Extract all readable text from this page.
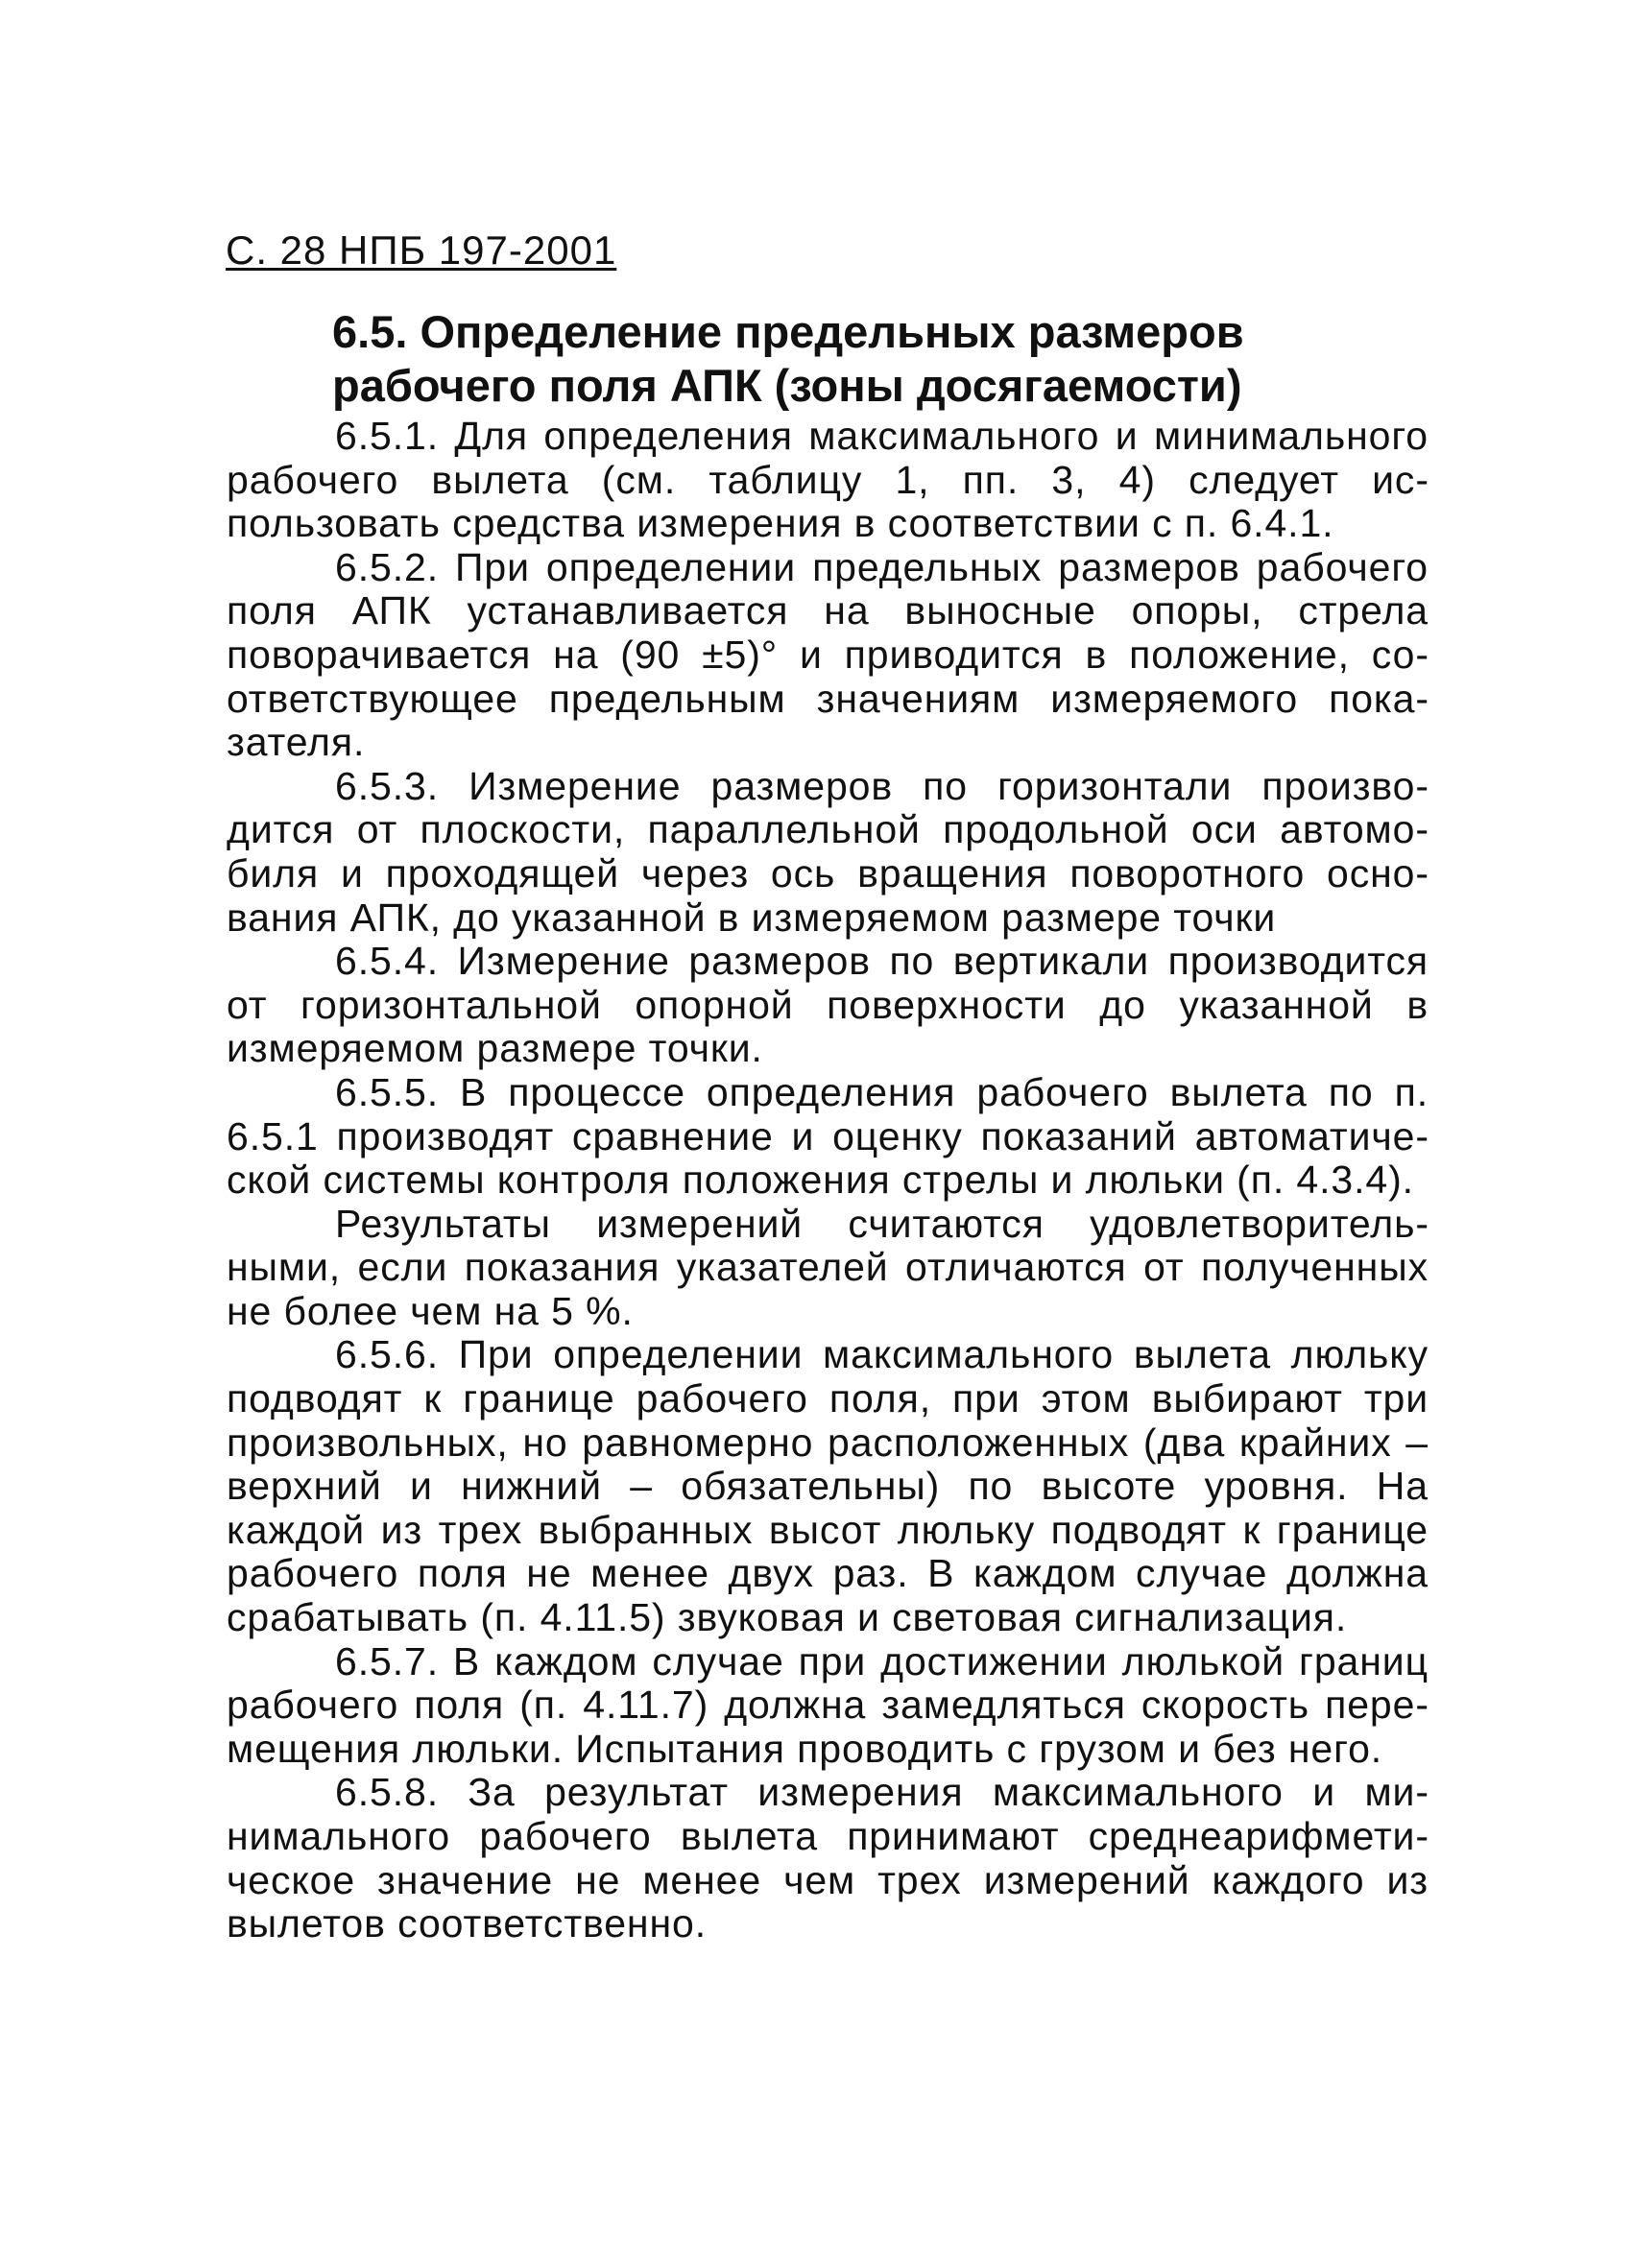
С. 28 НПБ 197-2001
6.5. Определение предельных размеров
рабочего поля АПК (зоны досягаемости)

6.5.1. Для определения максимального и минимального рабочего вылета (см. таблицу 1, пп. 3, 4) следует использовать средства измерения в соответствии с п. 6.4.1.

6.5.2. При определении предельных размеров рабочего поля АПК устанавливается на выносные опоры, стрела поворачивается на (90 ±5)° и приводится в положение, соответствующее предельным значениям измеряемого показателя.

6.5.3. Измерение размеров по горизонтали производится от плоскости, параллельной продольной оси автомобиля и проходящей через ось вращения поворотного основания АПК, до указанной в измеряемом размере точки

6.5.4. Измерение размеров по вертикали производится от горизонтальной опорной поверхности до указанной в измеряемом размере точки.

6.5.5. В процессе определения рабочего вылета по п. 6.5.1 производят сравнение и оценку показаний автоматической системы контроля положения стрелы и люльки (п. 4.3.4).

Результаты измерений считаются удовлетворительными, если показания указателей отличаются от полученных не более чем на 5 %.

6.5.6. При определении максимального вылета люльку подводят к границе рабочего поля, при этом выбирают три произвольных, но равномерно расположенных (два крайних – верхний и нижний – обязательны) по высоте уровня. На каждой из трех выбранных высот люльку подводят к границе рабочего поля не менее двух раз. В каждом случае должна срабатывать (п. 4.11.5) звуковая и световая сигнализация.

6.5.7. В каждом случае при достижении люлькой границ рабочего поля (п. 4.11.7) должна замедляться скорость перемещения люльки. Испытания проводить с грузом и без него.

6.5.8. За результат измерения максимального и минимального рабочего вылета принимают среднеарифметическое значение не менее чем трех измерений каждого из вылетов соответственно.
